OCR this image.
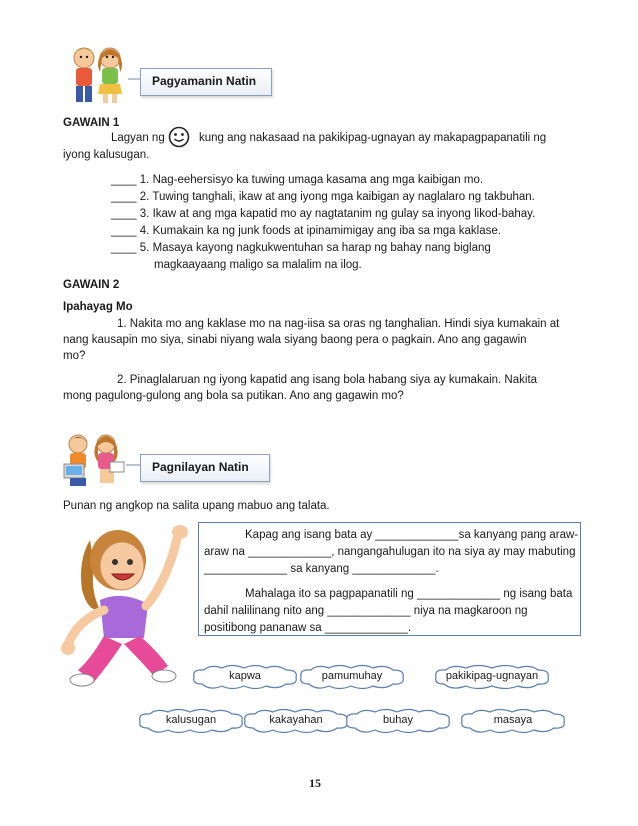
Pagyamanin Natin
GAWAIN 1
Lagyan ng	kung ang nakasaad na pakikipag-ugnayan ay makapagpapanatili ng
iyong kalusugan.
____ 1. Nag-eehersisyo ka tuwing umaga kasama ang mga kaibigan mo.
____ 2. Tuwing tanghali, ikaw at ang iyong mga kaibigan ay naglalaro ng takbuhan.
____ 3. Ikaw at ang mga kapatid mo ay nagtatanim ng gulay sa inyong likod-bahay.
____ 4. Kumakain ka ng junk foods at ipinamimigay ang iba sa mga kaklase.
____ 5. Masaya kayong nagkukwentuhan sa harap ng bahay nang biglang
magkaayaang maligo sa malalim na ilog.
GAWAIN 2
Ipahayag Mo
1. Nakita mo ang kaklase mo na nag-iisa sa oras ng tanghalian. Hindi siya kumakain at
nang kausapin mo siya, sinabi niyang wala siyang baong pera o pagkain. Ano ang gagawin
mo?
2. Pinaglalaruan ng iyong kapatid ang isang bola habang siya ay kumakain. Nakita
mong pagulong-gulong ang bola sa putikan. Ano ang gagawin mo?
Pagnilayan Natin
Punan ng angkop na salita upang mabuo ang talata.
Kapag ang isang bata ay _____________sa kanyang pang araw-
araw na _____________, nangangahulugan ito na siya ay may mabuting
_____________ sa kanyang _____________.
Mahalaga ito sa pagpapanatili ng _____________ ng isang bata
dahil nalilinang nito ang _____________ niya na magkaroon ng
positibong pananaw sa _____________.
kapwa	pamumuhay	pakikipag-ugnayan
kalusugan	kakayahan	buhay	masaya
15
